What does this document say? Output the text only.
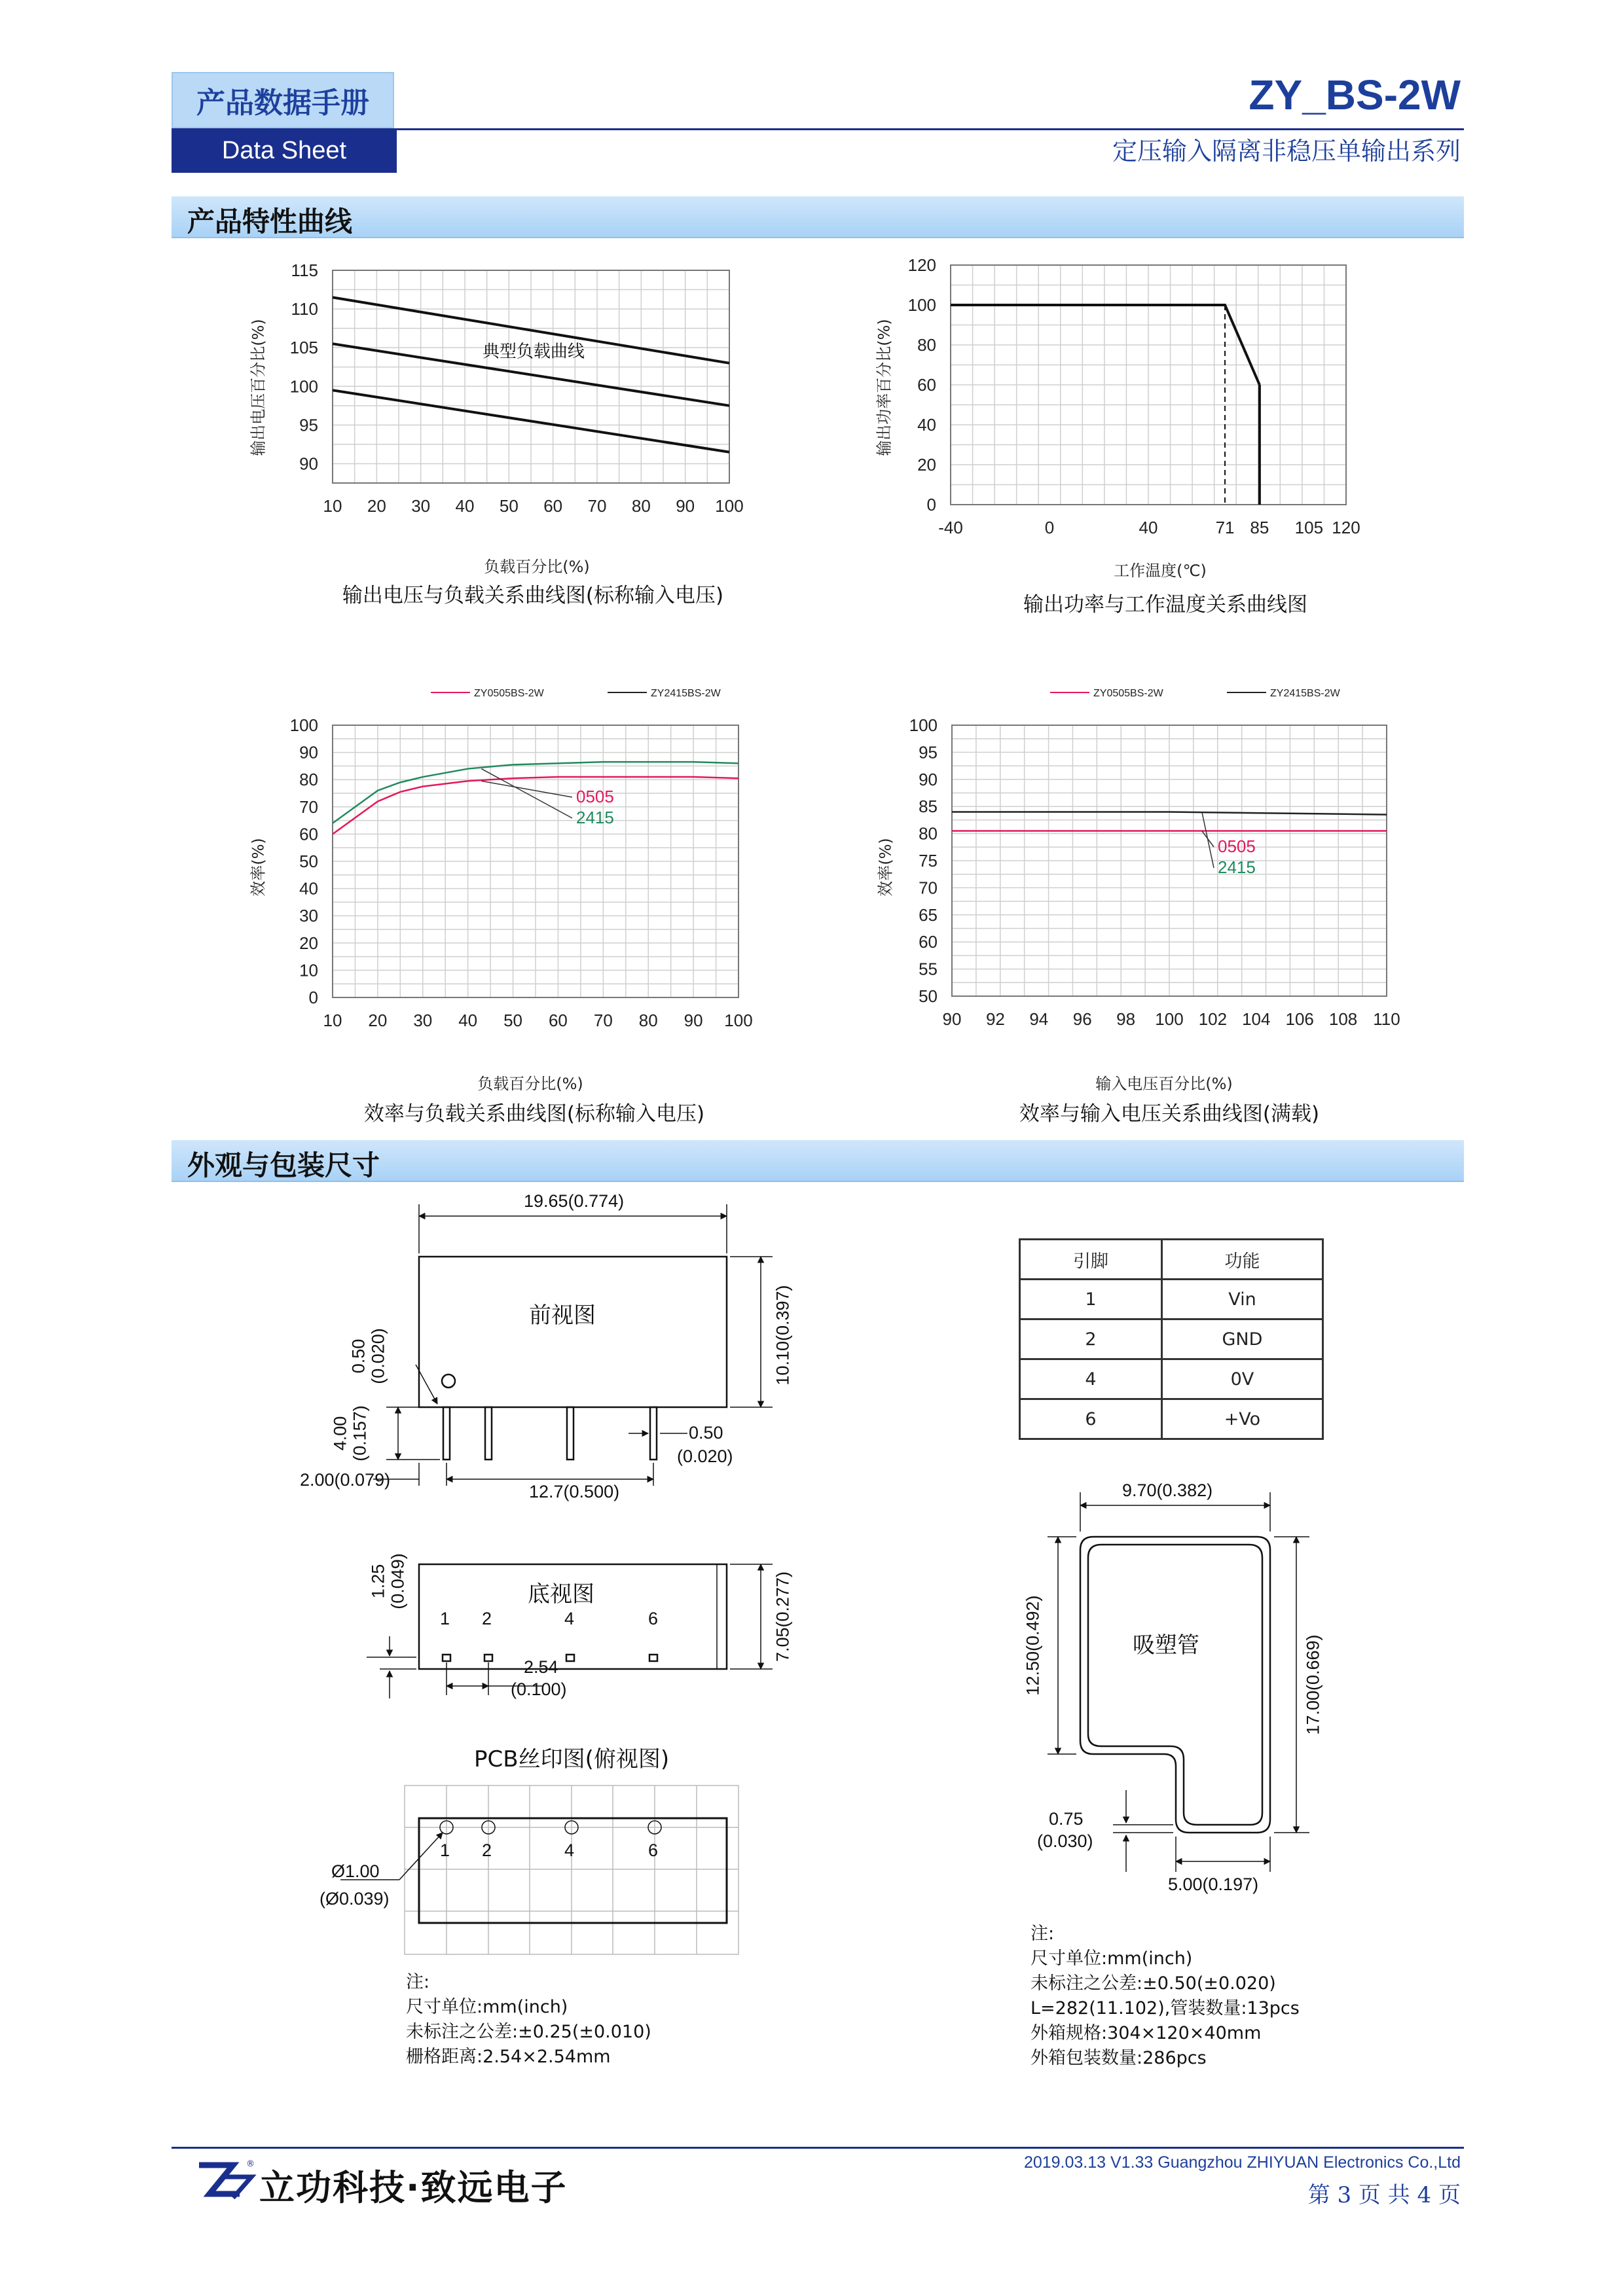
产品数据手册
Data Sheet
ZY_BS-2W
定压输入隔离非稳压单输出系列
产品特性曲线
10 20 30 40 50 60 70 80 90 100
90
95
100
105
110
115
典型负载曲线
输出电压百分比(%)
负载百分比(%)
输出电压与负载关系曲线图(标称输入电压)
-40	0	40	71 85 105 120
0
20
40
60
80
100
120
输出功率百分比(%)
工作温度(℃)
输出功率与工作温度关系曲线图
10 20 30 40 50 60 70 80 90 100
0
10
20
30
40
50
60
70
80
90
100
ZY0505BS-2W	ZY2415BS-2W
0505
2415
效率(%)
负载百分比(%)
效率与负载关系曲线图(标称输入电压)
90 92 94 96 98 100 102 104 106 108 110
50
55
60
65
70
75
80
85
90
95
100
ZY0505BS-2W	ZY2415BS-2W
0505
2415
效率(%)
输入电压百分比(%)
效率与输入电压关系曲线图(满载)
外观与包装尺寸
前视图
19.65(0.774)
10.10(0.397)
0.50 (0.020)
4.00 (0.157)
2.00(0.079)
12.7(0.500)
0.50
(0.020)
底视图
1 2	4	6
1.25 (0.049)	7.05(0.277)
2.54
(0.100)
PCB丝印图(俯视图)
1 2	4	6
Ø1.00
(Ø0.039)
注:
尺寸单位:mm(inch)
未标注之公差:±0.25(±0.010)
栅格距离:2.54×2.54mm
引脚	功能
1	Vin
2	GND
4	0V
6	+Vo
吸塑管
9.70(0.382)
12.50(0.492)	17.00(0.669)
0.75
(0.030)
5.00(0.197)
注:
尺寸单位:mm(inch)
未标注之公差:±0.50(±0.020)
L=282(11.102),管装数量:13pcs
外箱规格:304×120×40mm
外箱包装数量:286pcs
®
立功科技·致远电子
2019.03.13 V1.33 Guangzhou ZHIYUAN Electronics Co.,Ltd
第 3 页 共 4 页
